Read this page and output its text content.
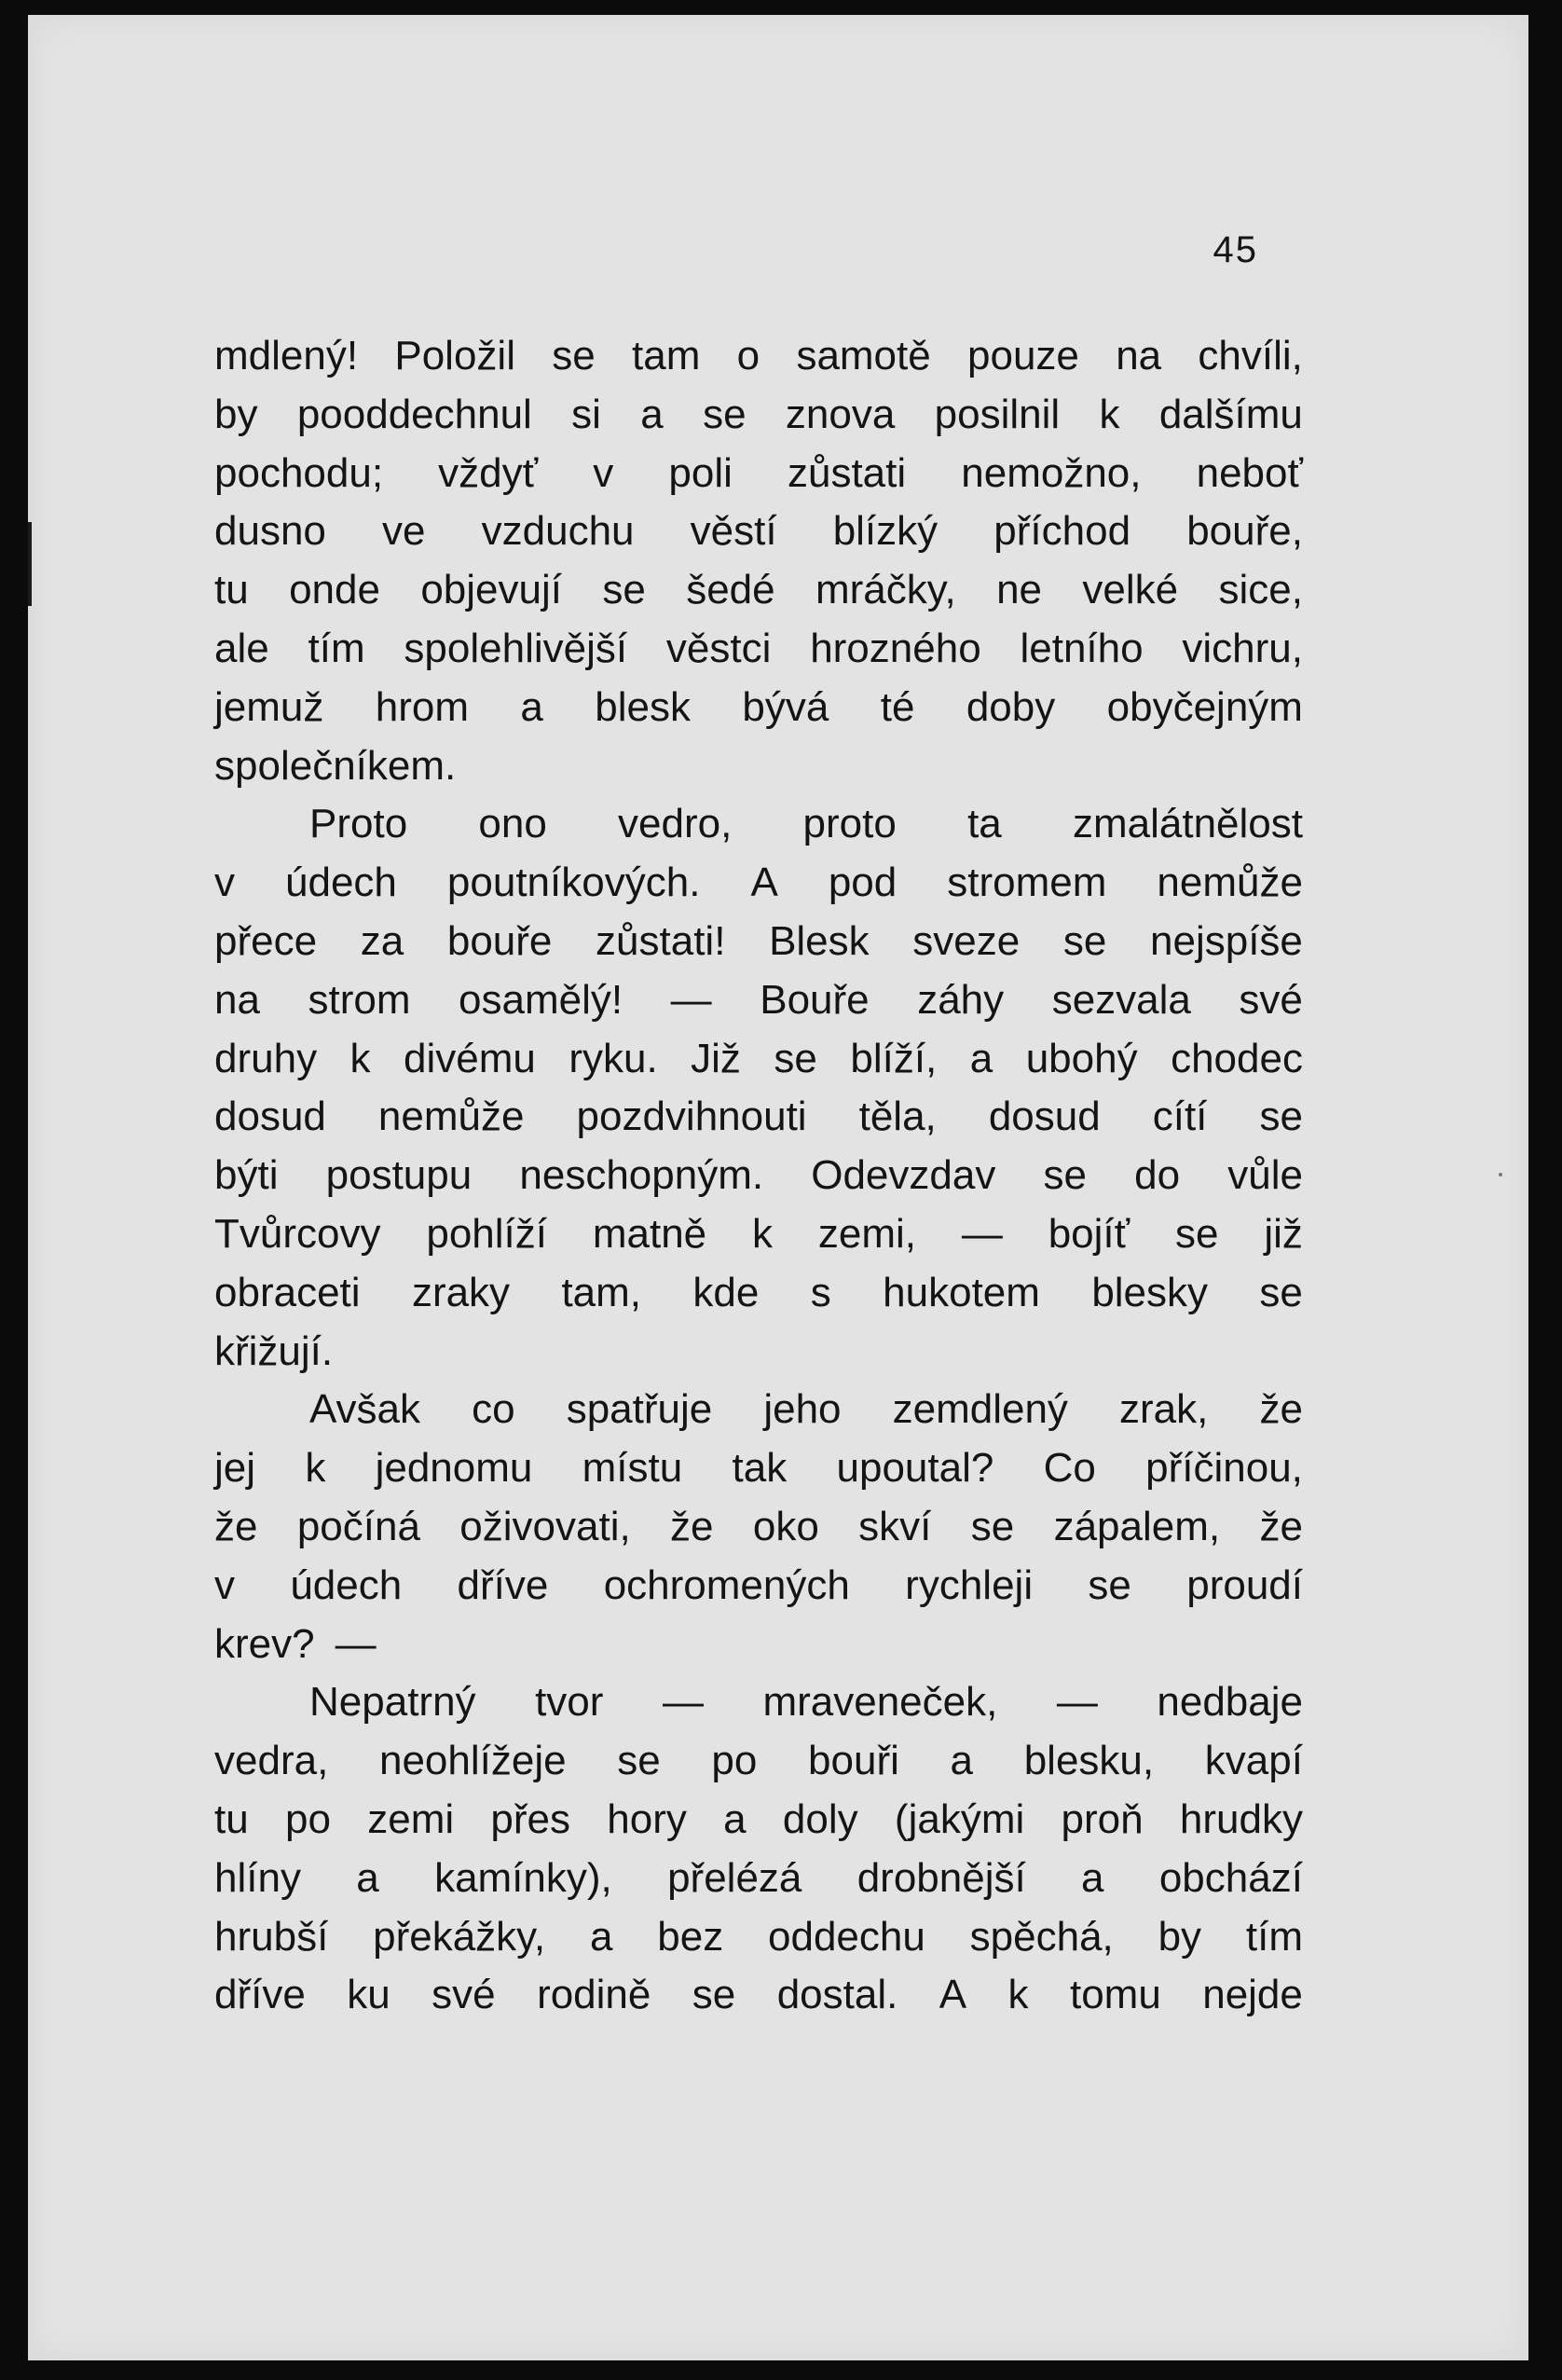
45
mdlený! Položil se tam o samotě pouze na chvíli,
by pooddechnul si a se znova posilnil k dalšímu
pochodu; vždyť v poli zůstati nemožno, neboť
dusno ve vzduchu věstí blízký příchod bouře,
tu onde objevují se šedé mráčky, ne velké sice,
ale tím spolehlivější věstci hrozného letního vichru,
jemuž hrom a blesk bývá té doby obyčejným
společníkem.
Proto ono vedro, proto ta zmalátnělost
v údech poutníkových. A pod stromem nemůže
přece za bouře zůstati! Blesk sveze se nejspíše
na strom osamělý! — Bouře záhy sezvala své
druhy k divému ryku. Již se blíží, a ubohý chodec
dosud nemůže pozdvihnouti těla, dosud cítí se
býti postupu neschopným. Odevzdav se do vůle
Tvůrcovy pohlíží matně k zemi, — bojíť se již
obraceti zraky tam, kde s hukotem blesky se
křižují.
Avšak co spatřuje jeho zemdlený zrak, že
jej k jednomu místu tak upoutal? Co příčinou,
že počíná oživovati, že oko skví se zápalem, že
v údech dříve ochromených rychleji se proudí
krev? —
Nepatrný tvor — mraveneček, — nedbaje
vedra, neohlížeje se po bouři a blesku, kvapí
tu po zemi přes hory a doly (jakými proň hrudky
hlíny a kamínky), přelézá drobnější a obchází
hrubší překážky, a bez oddechu spěchá, by tím
dříve ku své rodině se dostal. A k tomu nejde
